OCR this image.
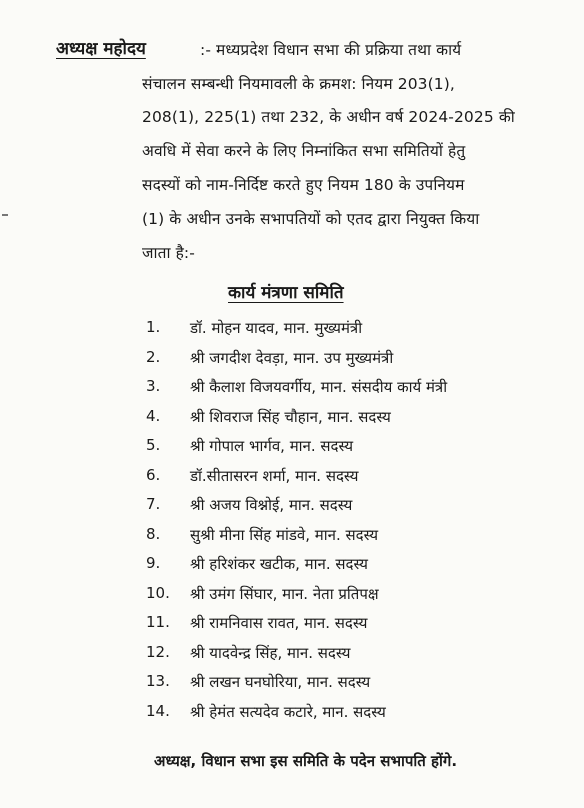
अध्यक्ष महोदय	:- मध्यप्रदेश विधान सभा की प्रक्रिया तथा कार्य
संचालन सम्बन्धी नियमावली के क्रमश: नियम 203(1),
208(1), 225(1) तथा 232, के अधीन वर्ष 2024-2025 की
अवधि में सेवा करने के लिए निम्नांकित सभा समितियों हेतु
सदस्यों को नाम-निर्दिष्ट करते हुए नियम 180 के उपनियम
(1) के अधीन उनके सभापतियों को एतद द्वारा नियुक्त किया
जाता है:-
कार्य मंत्रणा समिति
1.	डॉ. मोहन यादव, मान. मुख्यमंत्री
2.	श्री जगदीश देवड़ा, मान. उप मुख्यमंत्री
3.	श्री कैलाश विजयवर्गीय, मान. संसदीय कार्य मंत्री
4.	श्री शिवराज सिंह चौहान, मान. सदस्य
5.	श्री गोपाल भार्गव, मान. सदस्य
6.	डॉ.सीतासरन शर्मा, मान. सदस्य
7.	श्री अजय विश्नोई, मान. सदस्य
8.	सुश्री मीना सिंह मांडवे, मान. सदस्य
9.	श्री हरिशंकर खटीक, मान. सदस्य
10.	श्री उमंग सिंघार, मान. नेता प्रतिपक्ष
11.	श्री रामनिवास रावत, मान. सदस्य
12.	श्री यादवेन्द्र सिंह, मान. सदस्य
13.	श्री लखन घनघोरिया, मान. सदस्य
14.	श्री हेमंत सत्यदेव कटारे, मान. सदस्य
अध्यक्ष, विधान सभा इस समिति के पदेन सभापति होंगे.
